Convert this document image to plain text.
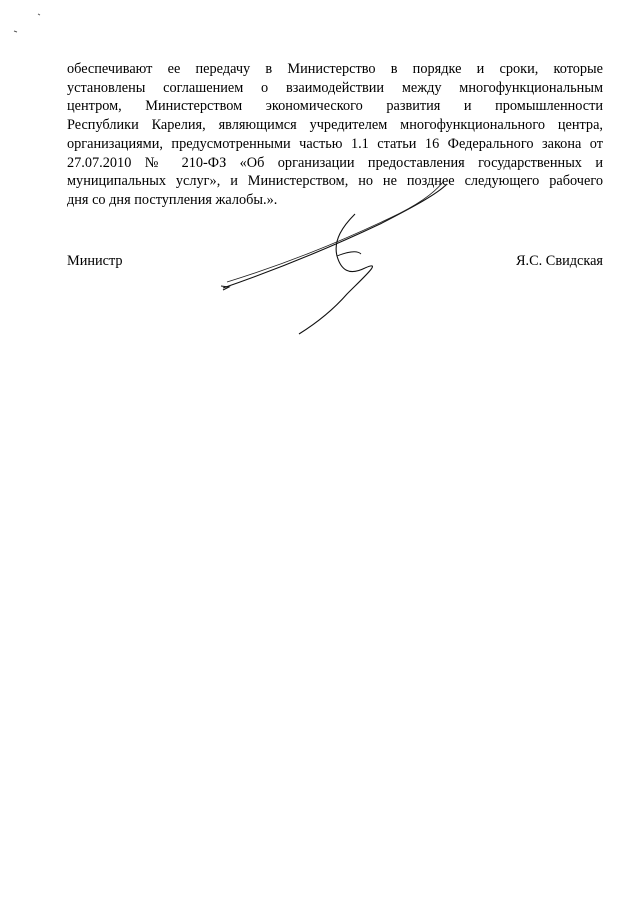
обеспечивают ее передачу в Министерство в порядке и сроки, которые
установлены соглашением о взаимодействии между многофункциональным
центром, Министерством экономического развития и промышленности
Республики Карелия, являющимся учредителем многофункционального центра,
организациями, предусмотренными частью 1.1 статьи 16 Федерального закона от
27.07.2010 № 210-ФЗ «Об организации предоставления государственных и
муниципальных услуг», и Министерством, но не позднее следующего рабочего
дня со дня поступления жалобы.».
Министр	Я.С. Свидская
